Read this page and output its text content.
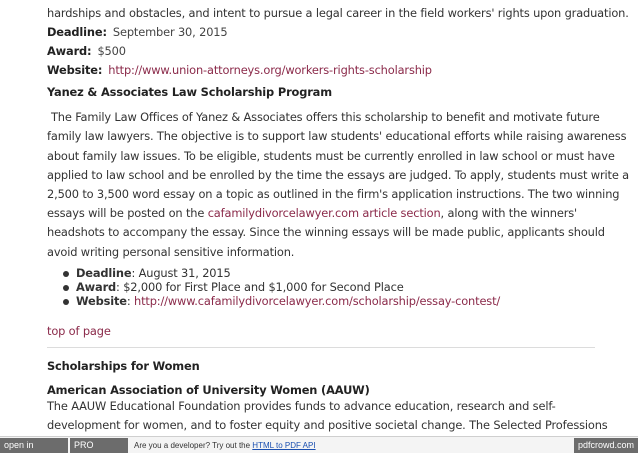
hardships and obstacles, and intent to pursue a legal career in the field workers' rights upon graduation.
Deadline: September 30, 2015
Award: $500
Website: http://www.union-attorneys.org/workers-rights-scholarship
Yanez & Associates Law Scholarship Program
The Family Law Offices of Yanez & Associates offers this scholarship to benefit and motivate future
family law lawyers. The objective is to support law students' educational efforts while raising awareness
about family law issues. To be eligible, students must be currently enrolled in law school or must have
applied to law school and be enrolled by the time the essays are judged. To apply, students must write a
2,500 to 3,500 word essay on a topic as outlined in the firm's application instructions. The two winning
essays will be posted on the cafamilydivorcelawyer.com article section, along with the winners'
headshots to accompany the essay. Since the winning essays will be made public, applicants should
avoid writing personal sensitive information.
Deadline: August 31, 2015
Award: $2,000 for First Place and $1,000 for Second Place
Website: http://www.cafamilydivorcelawyer.com/scholarship/essay-contest/
top of page
Scholarships for Women
American Association of University Women (AAUW)
The AAUW Educational Foundation provides funds to advance education, research and self-
development for women, and to foster equity and positive societal change. The Selected Professions
open in browser
PRO version
Are you a developer? Try out the HTML to PDF API	pdfcrowd.com
